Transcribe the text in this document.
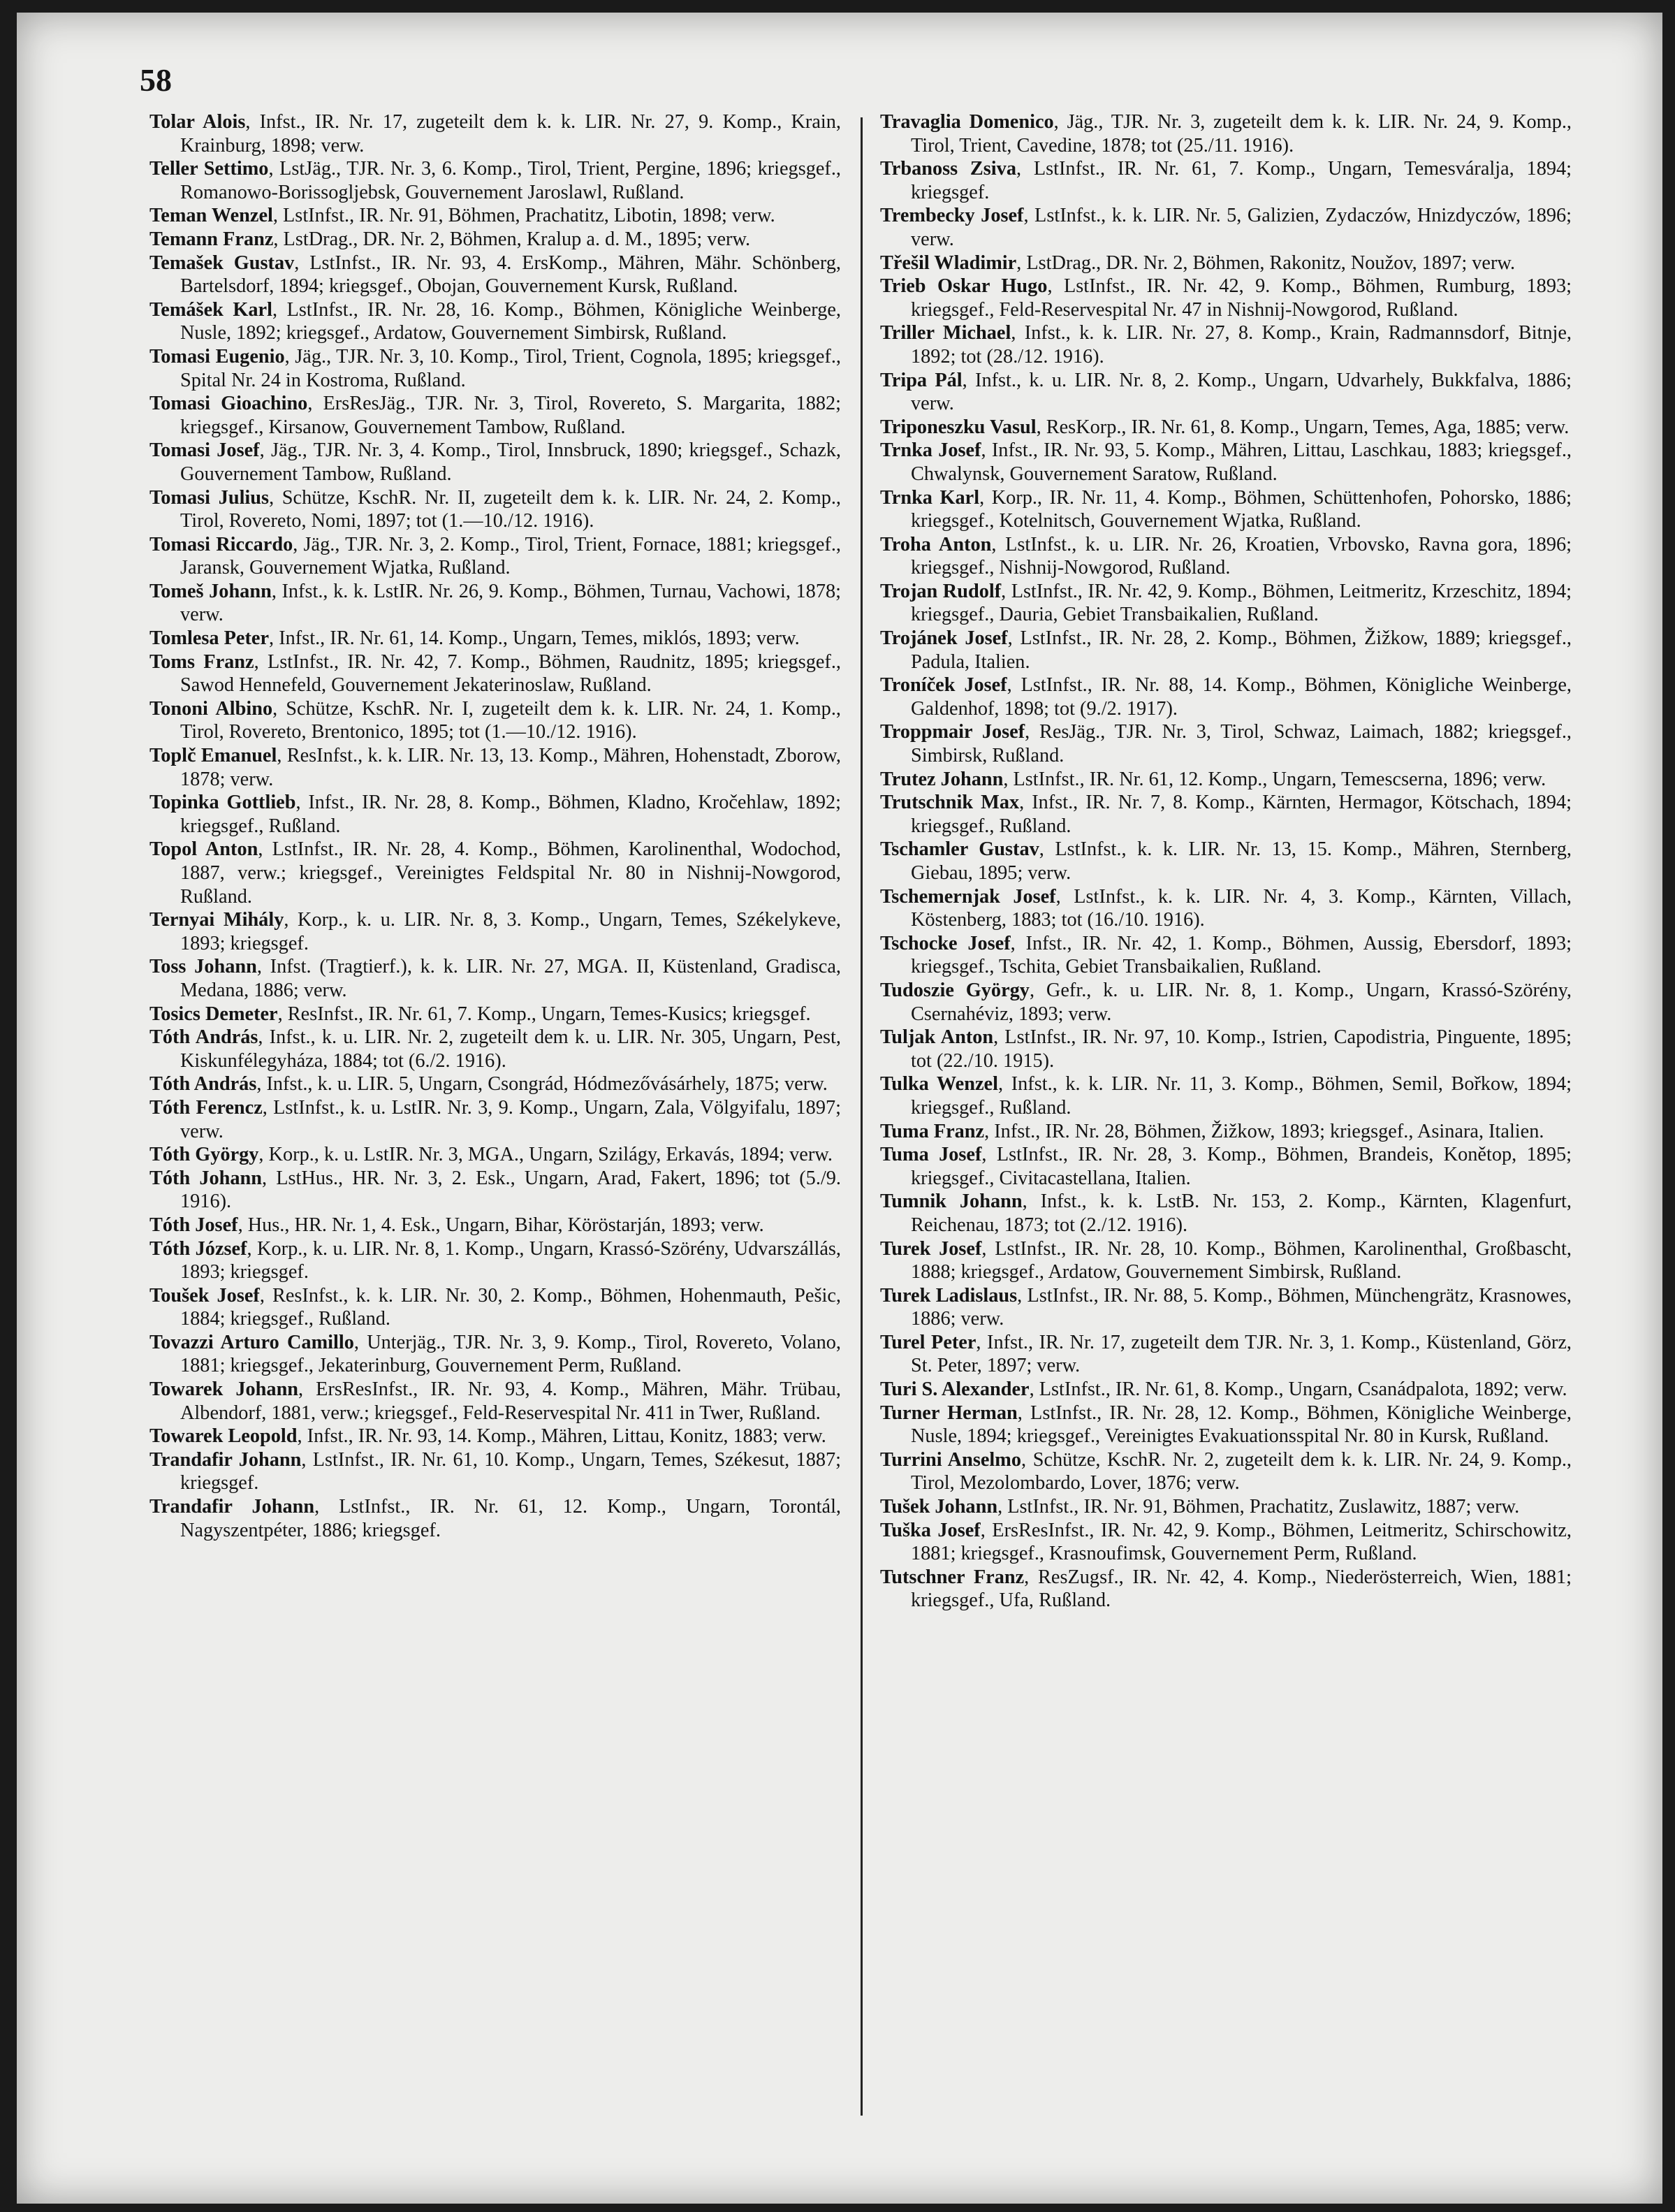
58

Tolar Alois, Infst., IR. Nr. 17, zugeteilt dem k. k. LIR. Nr. 27, 9. Komp., Krain, Krainburg, 1898; verw.

Teller Settimo, LstJäg., TJR. Nr. 3, 6. Komp., Tirol, Trient, Pergine, 1896; kriegsgef., Romanowo-Borissoglјebsk, Gouvernement Jaroslawl, Rußland.

Teman Wenzel, LstInfst., IR. Nr. 91, Böhmen, Prachatitz, Libotin, 1898; verw.

Temann Franz, LstDrag., DR. Nr. 2, Böhmen, Kralup a. d. M., 1895; verw.

Temašek Gustav, LstInfst., IR. Nr. 93, 4. ErsKomp., Mähren, Mähr. Schönberg, Bartelsdorf, 1894; kriegsgef., Obojan, Gouvernement Kursk, Rußland.

Temášek Karl, LstInfst., IR. Nr. 28, 16. Komp., Böhmen, Königliche Weinberge, Nusle, 1892; kriegsgef., Ardatow, Gouvernement Simbirsk, Rußland.

Tomasi Eugenio, Jäg., TJR. Nr. 3, 10. Komp., Tirol, Trient, Cognola, 1895; kriegsgef., Spital Nr. 24 in Kostroma, Rußland.

Tomasi Gioachino, ErsResJäg., TJR. Nr. 3, Tirol, Rovereto, S. Margarita, 1882; kriegsgef., Kirsanow, Gouvernement Tambow, Rußland.

Tomasi Josef, Jäg., TJR. Nr. 3, 4. Komp., Tirol, Innsbruck, 1890; kriegsgef., Schazk, Gouvernement Tambow, Rußland.

Tomasi Julius, Schütze, KschR. Nr. II, zugeteilt dem k. k. LIR. Nr. 24, 2. Komp., Tirol, Rovereto, Nomi, 1897; tot (1.—10./12. 1916).

Tomasi Riccardo, Jäg., TJR. Nr. 3, 2. Komp., Tirol, Trient, Fornace, 1881; kriegsgef., Jaransk, Gouvernement Wjatka, Rußland.

Tomeš Johann, Infst., k. k. LstIR. Nr. 26, 9. Komp., Böhmen, Turnau, Vachowi, 1878; verw.

Tomlesa Peter, Infst., IR. Nr. 61, 14. Komp., Ungarn, Temes, miklós, 1893; verw.

Toms Franz, LstInfst., IR. Nr. 42, 7. Komp., Böhmen, Raudnitz, 1895; kriegsgef., Sawod Hennefeld, Gouvernement Jekaterinoslaw, Rußland.

Tononi Albino, Schütze, KschR. Nr. I, zugeteilt dem k. k. LIR. Nr. 24, 1. Komp., Tirol, Rovereto, Brentonico, 1895; tot (1.—10./12. 1916).

Toplč Emanuel, ResInfst., k. k. LIR. Nr. 13, 13. Komp., Mähren, Hohenstadt, Zborow, 1878; verw.

Topinka Gottlieb, Infst., IR. Nr. 28, 8. Komp., Böhmen, Kladno, Kročehlaw, 1892; kriegsgef., Rußland.

Topol Anton, LstInfst., IR. Nr. 28, 4. Komp., Böhmen, Karolinenthal, Wodochod, 1887, verw.; kriegsgef., Vereinigtes Feldspital Nr. 80 in Nishnij-Nowgorod, Rußland.

Ternyai Mihály, Korp., k. u. LIR. Nr. 8, 3. Komp., Ungarn, Temes, Székelykeve, 1893; kriegsgef.

Toss Johann, Infst. (Tragtierf.), k. k. LIR. Nr. 27, MGA. II, Küstenland, Gradisca, Medana, 1886; verw.

Tosics Demeter, ResInfst., IR. Nr. 61, 7. Komp., Ungarn, Temes-Kusics; kriegsgef.

Tóth András, Infst., k. u. LIR. Nr. 2, zugeteilt dem k. u. LIR. Nr. 305, Ungarn, Pest, Kiskunfélegyháza, 1884; tot (6./2. 1916).

Tóth András, Infst., k. u. LIR. 5, Ungarn, Csongrád, Hódmezővásárhely, 1875; verw.

Tóth Ferencz, LstInfst., k. u. LstIR. Nr. 3, 9. Komp., Ungarn, Zala, Völgyifalu, 1897; verw.

Tóth György, Korp., k. u. LstIR. Nr. 3, MGA., Ungarn, Szilágy, Erkavás, 1894; verw.

Tóth Johann, LstHus., HR. Nr. 3, 2. Esk., Ungarn, Arad, Fakert, 1896; tot (5./9. 1916).

Tóth Josef, Hus., HR. Nr. 1, 4. Esk., Ungarn, Bihar, Köröstarján, 1893; verw.

Tóth József, Korp., k. u. LIR. Nr. 8, 1. Komp., Ungarn, Krassó-Szörény, Udvarszállás, 1893; kriegsgef.

Toušek Josef, ResInfst., k. k. LIR. Nr. 30, 2. Komp., Böhmen, Hohenmauth, Pešic, 1884; kriegsgef., Rußland.

Tovazzi Arturo Camillo, Unterjäg., TJR. Nr. 3, 9. Komp., Tirol, Rovereto, Volano, 1881; kriegsgef., Jekaterinburg, Gouvernement Perm, Rußland.

Towarek Johann, ErsResInfst., IR. Nr. 93, 4. Komp., Mähren, Mähr. Trübau, Albendorf, 1881, verw.; kriegsgef., Feld-Reservespital Nr. 411 in Twer, Rußland.

Towarek Leopold, Infst., IR. Nr. 93, 14. Komp., Mähren, Littau, Konitz, 1883; verw.

Trandafir Johann, LstInfst., IR. Nr. 61, 10. Komp., Ungarn, Temes, Székesut, 1887; kriegsgef.

Trandafir Johann, LstInfst., IR. Nr. 61, 12. Komp., Ungarn, Torontál, Nagyszentpéter, 1886; kriegsgef.

Travaglia Domenico, Jäg., TJR. Nr. 3, zugeteilt dem k. k. LIR. Nr. 24, 9. Komp., Tirol, Trient, Cavedine, 1878; tot (25./11. 1916).

Trbanoss Zsiva, LstInfst., IR. Nr. 61, 7. Komp., Ungarn, Temesváralja, 1894; kriegsgef.

Trembecky Josef, LstInfst., k. k. LIR. Nr. 5, Galizien, Zydaczów, Hnizdyczów, 1896; verw.

Třešil Wladimir, LstDrag., DR. Nr. 2, Böhmen, Rakonitz, Noužov, 1897; verw.

Trieb Oskar Hugo, LstInfst., IR. Nr. 42, 9. Komp., Böhmen, Rumburg, 1893; kriegsgef., Feld-Reservespital Nr. 47 in Nishnij-Nowgorod, Rußland.

Triller Michael, Infst., k. k. LIR. Nr. 27, 8. Komp., Krain, Radmannsdorf, Bitnje, 1892; tot (28./12. 1916).

Tripa Pál, Infst., k. u. LIR. Nr. 8, 2. Komp., Ungarn, Udvarhely, Bukkfalva, 1886; verw.

Triponeszku Vasul, ResKorp., IR. Nr. 61, 8. Komp., Ungarn, Temes, Aga, 1885; verw.

Trnka Josef, Infst., IR. Nr. 93, 5. Komp., Mähren, Littau, Laschkau, 1883; kriegsgef., Chwalynsk, Gouvernement Saratow, Rußland.

Trnka Karl, Korp., IR. Nr. 11, 4. Komp., Böhmen, Schüttenhofen, Pohorsko, 1886; kriegsgef., Kotelnitsch, Gouvernement Wjatka, Rußland.

Troha Anton, LstInfst., k. u. LIR. Nr. 26, Kroatien, Vrbovsko, Ravna gora, 1896; kriegsgef., Nishnij-Nowgorod, Rußland.

Trojan Rudolf, LstInfst., IR. Nr. 42, 9. Komp., Böhmen, Leitmeritz, Krzeschitz, 1894; kriegsgef., Dauria, Gebiet Transbaikalien, Rußland.

Trojánek Josef, LstInfst., IR. Nr. 28, 2. Komp., Böhmen, Žižkow, 1889; kriegsgef., Padula, Italien.

Troníček Josef, LstInfst., IR. Nr. 88, 14. Komp., Böhmen, Königliche Weinberge, Galdenhof, 1898; tot (9./2. 1917).

Troppmair Josef, ResJäg., TJR. Nr. 3, Tirol, Schwaz, Laimach, 1882; kriegsgef., Simbirsk, Rußland.

Trutez Johann, LstInfst., IR. Nr. 61, 12. Komp., Ungarn, Temescserna, 1896; verw.

Trutschnik Max, Infst., IR. Nr. 7, 8. Komp., Kärnten, Hermagor, Kötschach, 1894; kriegsgef., Rußland.

Tschamler Gustav, LstInfst., k. k. LIR. Nr. 13, 15. Komp., Mähren, Sternberg, Giebau, 1895; verw.

Tschemernjak Josef, LstInfst., k. k. LIR. Nr. 4, 3. Komp., Kärnten, Villach, Köstenberg, 1883; tot (16./10. 1916).

Tschocke Josef, Infst., IR. Nr. 42, 1. Komp., Böhmen, Aussig, Ebersdorf, 1893; kriegsgef., Tschita, Gebiet Transbaikalien, Rußland.

Tudoszie György, Gefr., k. u. LIR. Nr. 8, 1. Komp., Ungarn, Krassó-Szörény, Csernahéviz, 1893; verw.

Tuljak Anton, LstInfst., IR. Nr. 97, 10. Komp., Istrien, Capodistria, Pinguente, 1895; tot (22./10. 1915).

Tulka Wenzel, Infst., k. k. LIR. Nr. 11, 3. Komp., Böhmen, Semil, Bořkow, 1894; kriegsgef., Rußland.

Tuma Franz, Infst., IR. Nr. 28, Böhmen, Žižkow, 1893; kriegsgef., Asinara, Italien.

Tuma Josef, LstInfst., IR. Nr. 28, 3. Komp., Böhmen, Brandeis, Konětop, 1895; kriegsgef., Civitacastellana, Italien.

Tumnik Johann, Infst., k. k. LstB. Nr. 153, 2. Komp., Kärnten, Klagenfurt, Reichenau, 1873; tot (2./12. 1916).

Turek Josef, LstInfst., IR. Nr. 28, 10. Komp., Böhmen, Karolinenthal, Großbascht, 1888; kriegsgef., Ardatow, Gouvernement Simbirsk, Rußland.

Turek Ladislaus, LstInfst., IR. Nr. 88, 5. Komp., Böhmen, Münchengrätz, Krasnowes, 1886; verw.

Turel Peter, Infst., IR. Nr. 17, zugeteilt dem TJR. Nr. 3, 1. Komp., Küstenland, Görz, St. Peter, 1897; verw.

Turi S. Alexander, LstInfst., IR. Nr. 61, 8. Komp., Ungarn, Csanádpalota, 1892; verw.

Turner Herman, LstInfst., IR. Nr. 28, 12. Komp., Böhmen, Königliche Weinberge, Nusle, 1894; kriegsgef., Vereinigtes Evakuationsspital Nr. 80 in Kursk, Rußland.

Turrini Anselmo, Schütze, KschR. Nr. 2, zugeteilt dem k. k. LIR. Nr. 24, 9. Komp., Tirol, Mezolombardo, Lover, 1876; verw.

Tušek Johann, LstInfst., IR. Nr. 91, Böhmen, Prachatitz, Zuslawitz, 1887; verw.

Tuška Josef, ErsResInfst., IR. Nr. 42, 9. Komp., Böhmen, Leitmeritz, Schirschowitz, 1881; kriegsgef., Krasnoufimsk, Gouvernement Perm, Rußland.

Tutschner Franz, ResZugsf., IR. Nr. 42, 4. Komp., Niederösterreich, Wien, 1881; kriegsgef., Ufa, Rußland.
